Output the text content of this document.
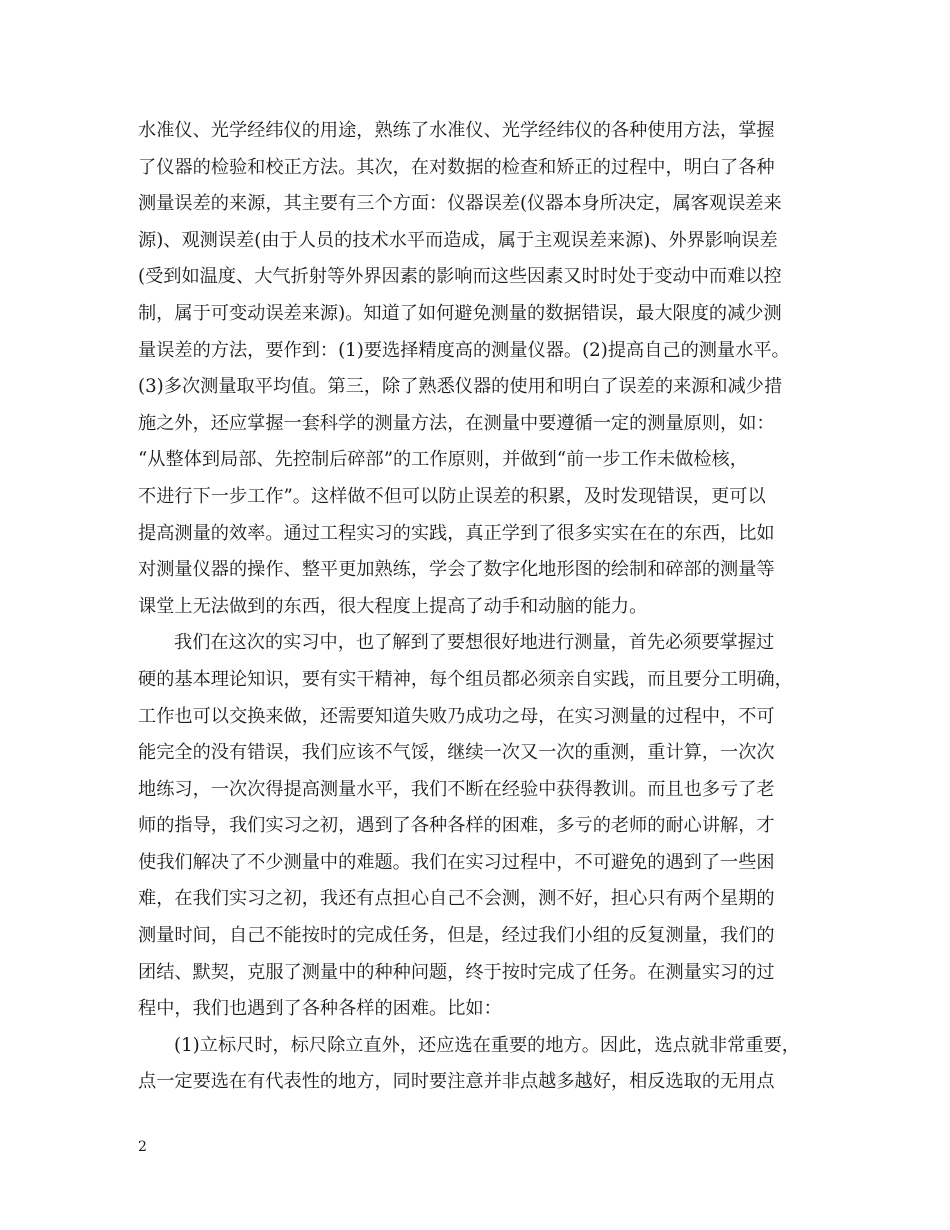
水准仪、光学经纬仪的用途，熟练了水准仪、光学经纬仪的各种使用方法，掌握
了仪器的检验和校正方法。其次，在对数据的检查和矫正的过程中，明白了各种
测量误差的来源，其主要有三个方面：仪器误差(仪器本身所决定，属客观误差来
源)、观测误差(由于人员的技术水平而造成，属于主观误差来源)、外界影响误差
(受到如温度、大气折射等外界因素的影响而这些因素又时时处于变动中而难以控
制，属于可变动误差来源)。知道了如何避免测量的数据错误，最大限度的减少测
量误差的方法，要作到：(1)要选择精度高的测量仪器。(2)提高自己的测量水平。
(3)多次测量取平均值。第三，除了熟悉仪器的使用和明白了误差的来源和减少措
施之外，还应掌握一套科学的测量方法，在测量中要遵循一定的测量原则，如：
“从整体到局部、先控制后碎部”的工作原则，并做到“前一步工作未做检核，
不进行下一步工作”。这样做不但可以防止误差的积累，及时发现错误，更可以
提高测量的效率。通过工程实习的实践，真正学到了很多实实在在的东西，比如
对测量仪器的操作、整平更加熟练，学会了数字化地形图的绘制和碎部的测量等
课堂上无法做到的东西，很大程度上提高了动手和动脑的能力。
我们在这次的实习中，也了解到了要想很好地进行测量，首先必须要掌握过
硬的基本理论知识，要有实干精神，每个组员都必须亲自实践，而且要分工明确，
工作也可以交换来做，还需要知道失败乃成功之母，在实习测量的过程中，不可
能完全的没有错误，我们应该不气馁，继续一次又一次的重测，重计算，一次次
地练习，一次次得提高测量水平，我们不断在经验中获得教训。而且也多亏了老
师的指导，我们实习之初，遇到了各种各样的困难，多亏的老师的耐心讲解，才
使我们解决了不少测量中的难题。我们在实习过程中，不可避免的遇到了一些困
难，在我们实习之初，我还有点担心自己不会测，测不好，担心只有两个星期的
测量时间，自己不能按时的完成任务，但是，经过我们小组的反复测量，我们的
团结、默契，克服了测量中的种种问题，终于按时完成了任务。在测量实习的过
程中，我们也遇到了各种各样的困难。比如：
(1)立标尺时，标尺除立直外，还应选在重要的地方。因此，选点就非常重要，
点一定要选在有代表性的地方，同时要注意并非点越多越好，相反选取的无用点
2
